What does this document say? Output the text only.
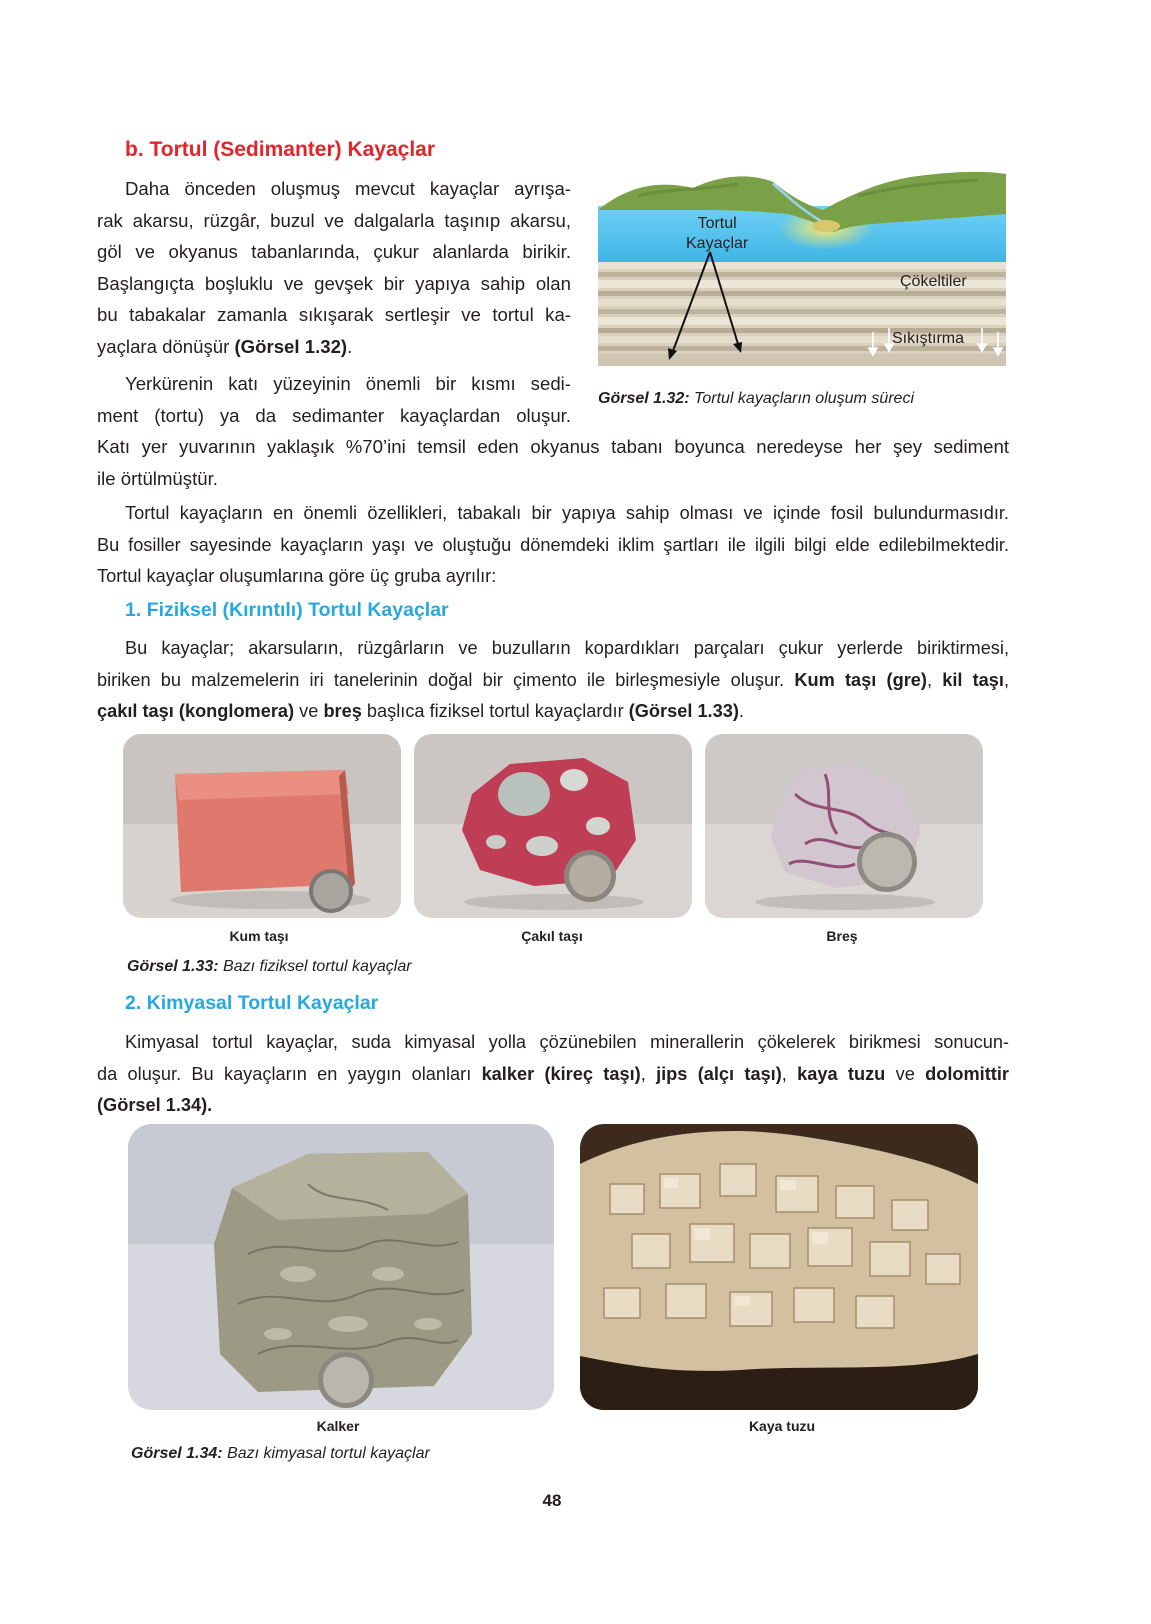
b. Tortul (Sedimanter) Kayaçlar
Daha önceden oluşmuş mevcut kayaçlar ayrışa-
rak akarsu, rüzgâr, buzul ve dalgalarla taşınıp akarsu,
göl ve okyanus tabanlarında, çukur alanlarda birikir.
Başlangıçta boşluklu ve gevşek bir yapıya sahip olan
bu tabakalar zamanla sıkışarak sertleşir ve tortul ka-
yaçlara dönüşür (Görsel 1.32).
Tortul
Kayaçlar
Çökeltiler
Sıkıştırma
Görsel 1.32: Tortul kayaçların oluşum süreci
Yerkürenin katı yüzeyinin önemli bir kısmı sedi-
ment (tortu) ya da sedimanter kayaçlardan oluşur.
Katı yer yuvarının yaklaşık %70’ini temsil eden okyanus tabanı boyunca neredeyse her şey sediment
ile örtülmüştür.
Tortul kayaçların en önemli özellikleri, tabakalı bir yapıya sahip olması ve içinde fosil bulundurmasıdır.
Bu fosiller sayesinde kayaçların yaşı ve oluştuğu dönemdeki iklim şartları ile ilgili bilgi elde edilebilmektedir.
Tortul kayaçlar oluşumlarına göre üç gruba ayrılır:
1. Fiziksel (Kırıntılı) Tortul Kayaçlar
Bu kayaçlar; akarsuların, rüzgârların ve buzulların kopardıkları parçaları çukur yerlerde biriktirmesi,
biriken bu malzemelerin iri tanelerinin doğal bir çimento ile birleşmesiyle oluşur. Kum taşı (gre), kil taşı,
çakıl taşı (konglomera) ve breş başlıca fiziksel tortul kayaçlardır (Görsel 1.33).
Kum taşı	Çakıl taşı	Breş
Görsel 1.33: Bazı fiziksel tortul kayaçlar
2. Kimyasal Tortul Kayaçlar
Kimyasal tortul kayaçlar, suda kimyasal yolla çözünebilen minerallerin çökelerek birikmesi sonucun-
da oluşur. Bu kayaçların en yaygın olanları kalker (kireç taşı), jips (alçı taşı), kaya tuzu ve dolomittir
(Görsel 1.34).
Kalker	Kaya tuzu
Görsel 1.34: Bazı kimyasal tortul kayaçlar
48
